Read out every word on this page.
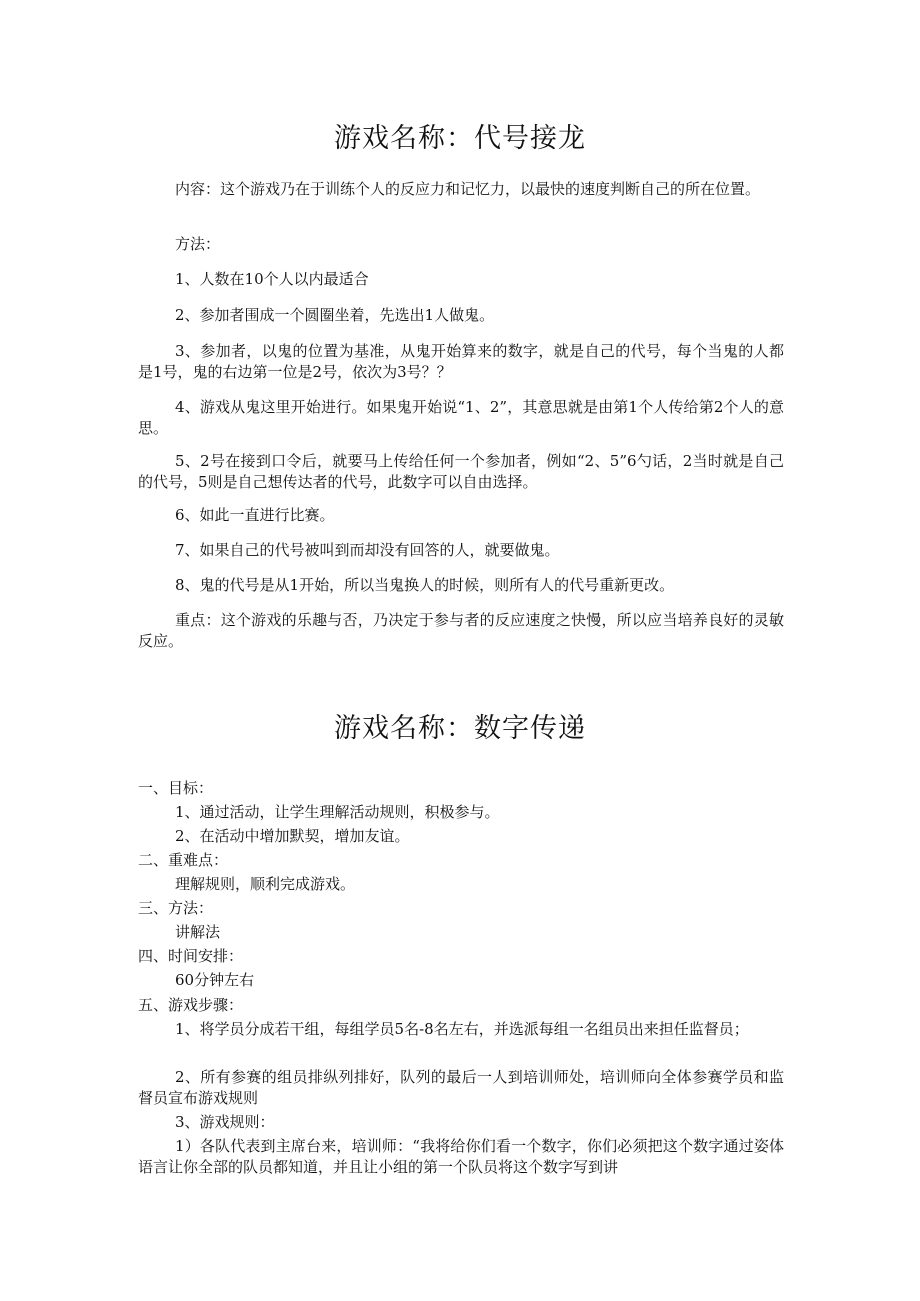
游戏名称：代号接龙

内容：这个游戏乃在于训练个人的反应力和记忆力，以最快的速度判断自己的所在位置。

方法：

1、人数在10个人以内最适合

2、参加者围成一个圆圈坐着，先选出1人做鬼。

3、参加者，以鬼的位置为基准，从鬼开始算来的数字，就是自己的代号，每个当鬼的人都是1号，鬼的右边第一位是2号，依次为3号？？

4、游戏从鬼这里开始进行。如果鬼开始说“1、2”，其意思就是由第1个人传给第2个人的意思。

5、2号在接到口令后，就要马上传给任何一个参加者，例如“2、5”6勺话，2当时就是自己的代号，5则是自己想传达者的代号，此数字可以自由选择。

6、如此一直进行比赛。

7、如果自己的代号被叫到而却没有回答的人，就要做鬼。

8、鬼的代号是从1开始，所以当鬼换人的时候，则所有人的代号重新更改。

重点：这个游戏的乐趣与否，乃决定于参与者的反应速度之快慢，所以应当培养良好的灵敏反应。

游戏名称：数字传递

一、目标：

1、通过活动，让学生理解活动规则，积极参与。

2、在活动中增加默契，增加友谊。

二、重难点：

理解规则，顺利完成游戏。

三、方法：

讲解法

四、时间安排：

60分钟左右

五、游戏步骤：

1、将学员分成若干组，每组学员5名-8名左右，并选派每组一名组员出来担任监督员；

2、所有参赛的组员排纵列排好，队列的最后一人到培训师处，培训师向全体参赛学员和监督员宣布游戏规则

3、游戏规则：

1）各队代表到主席台来，培训师：“我将给你们看一个数字，你们必须把这个数字通过姿体语言让你全部的队员都知道，并且让小组的第一个队员将这个数字写到讲
